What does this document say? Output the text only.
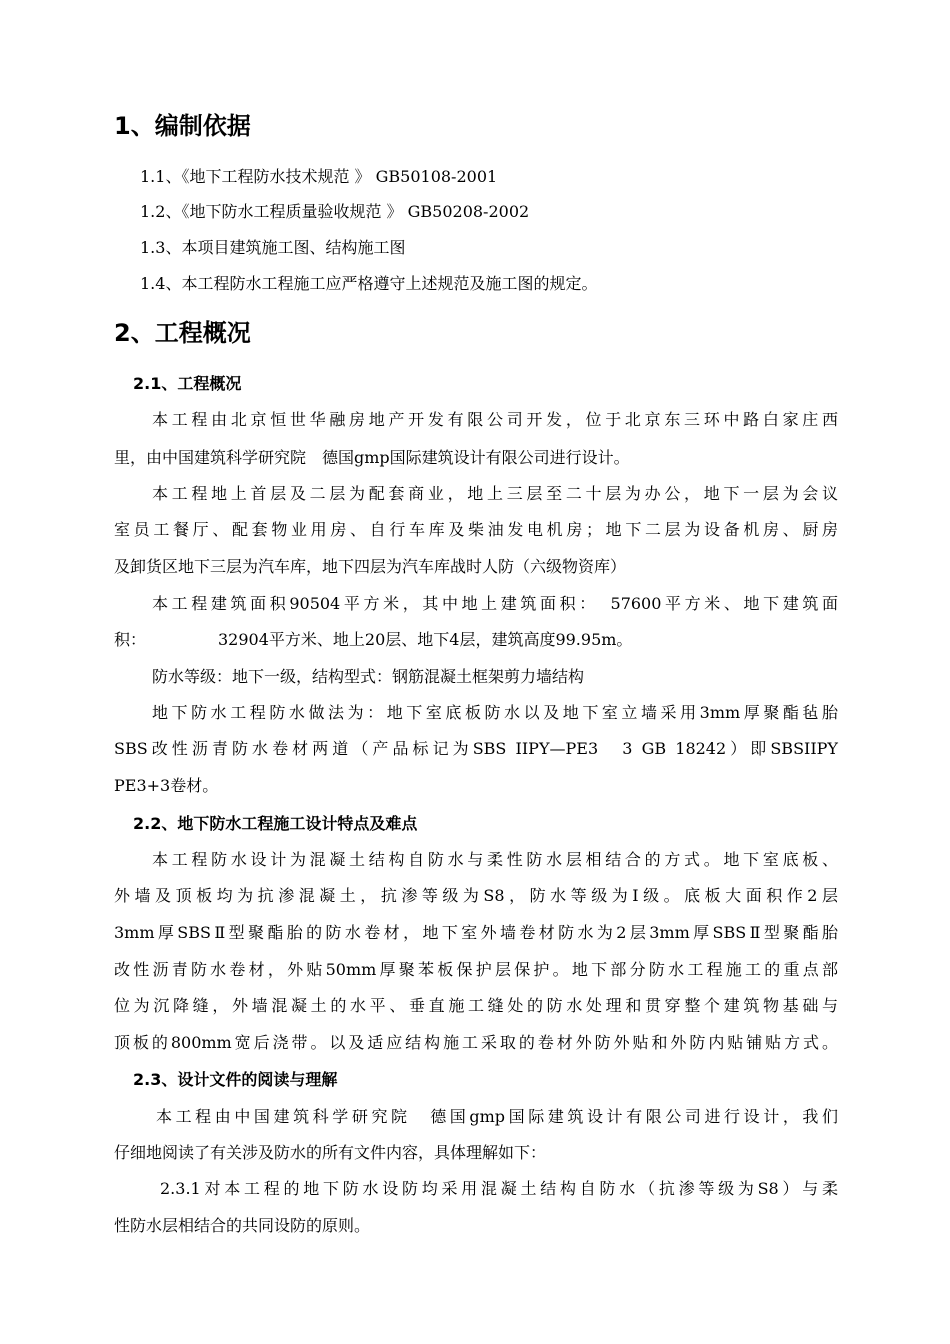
1、编制依据
1.1、《地下工程防水技术规范 》 GB50108-2001
1.2、《地下防水工程质量验收规范 》 GB50208-2002
1.3、本项目建筑施工图、结构施工图
1.4、本工程防水工程施工应严格遵守上述规范及施工图的规定。
2、工程概况
2.1、工程概况
本工程由北京恒世华融房地产开发有限公司开发，位于北京东三环中路白家庄西
里，由中国建筑科学研究院　德国gmp国际建筑设计有限公司进行设计。
本工程地上首层及二层为配套商业，地上三层至二十层为办公，地下一层为会议
室员工餐厅、配套物业用房、自行车库及柴油发电机房；地下二层为设备机房、厨房
及卸货区地下三层为汽车库，地下四层为汽车库战时人防（六级物资库）
本工程建筑面积90504平方米，其中地上建筑面积：　57600平方米、地下建筑面
积：　　　　　32904平方米、地上20层、地下4层，建筑高度99.95m。
防水等级：地下一级，结构型式：钢筋混凝土框架剪力墙结构
地下防水工程防水做法为：地下室底板防水以及地下室立墙采用3mm厚聚酯毡胎
SBS改性沥青防水卷材两道（产品标记为SBS IIPY—PE3　3 GB 18242）即SBSIIPY
PE3+3卷材。
2.2、地下防水工程施工设计特点及难点
本工程防水设计为混凝土结构自防水与柔性防水层相结合的方式。地下室底板、
外墙及顶板均为抗渗混凝土，抗渗等级为S8，防水等级为Ⅰ级。底板大面积作2层
3mm厚SBSⅡ型聚酯胎的防水卷材，地下室外墙卷材防水为2层3mm厚SBSⅡ型聚酯胎
改性沥青防水卷材，外贴50mm厚聚苯板保护层保护。地下部分防水工程施工的重点部
位为沉降缝，外墙混凝土的水平、垂直施工缝处的防水处理和贯穿整个建筑物基础与
顶板的800mm宽后浇带。以及适应结构施工采取的卷材外防外贴和外防内贴铺贴方式。
2.3、设计文件的阅读与理解
本工程由中国建筑科学研究院　德国gmp国际建筑设计有限公司进行设计，我们
仔细地阅读了有关涉及防水的所有文件内容，具体理解如下：
2.3.1对本工程的地下防水设防均采用混凝土结构自防水（抗渗等级为S8）与柔
性防水层相结合的共同设防的原则。
